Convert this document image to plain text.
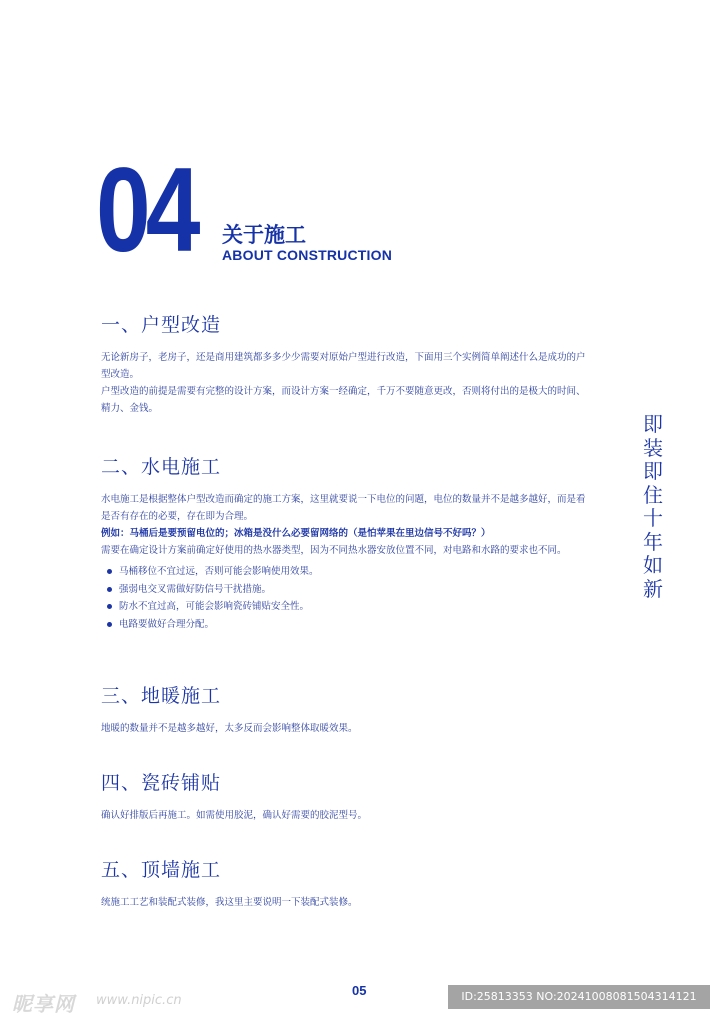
04 关于施工
ABOUT CONSTRUCTION
一、户型改造

无论新房子，老房子，还是商用建筑都多多少少需要对原始户型进行改造，下面用三个实例简单阐述什么是成功的户型改造。

户型改造的前提是需要有完整的设计方案，而设计方案一经确定，千万不要随意更改，否则将付出的是极大的时间、精力、金钱。

二、水电施工

水电施工是根据整体户型改造而确定的施工方案，这里就要说一下电位的问题，电位的数量并不是越多越好，而是看是否有存在的必要，存在即为合理。

例如：马桶后是要预留电位的；冰箱是没什么必要留网络的（是怕苹果在里边信号不好吗？）

需要在确定设计方案前确定好使用的热水器类型，因为不同热水器安放位置不同，对电路和水路的要求也不同。

马桶移位不宜过远，否则可能会影响使用效果。
强弱电交叉需做好防信号干扰措施。
防水不宜过高，可能会影响瓷砖铺贴安全性。
电路要做好合理分配。
三、地暖施工

地暖的数量并不是越多越好，太多反而会影响整体取暖效果。

四、瓷砖铺贴

确认好排版后再施工。如需使用胶泥，确认好需要的胶泥型号。

五、顶墙施工

统施工工艺和装配式装修，我这里主要说明一下装配式装修。

即
装
即
住
十
年
如
新
05
昵享网 www.nipic.cn	ID:25813353 NO:20241008081504314121
